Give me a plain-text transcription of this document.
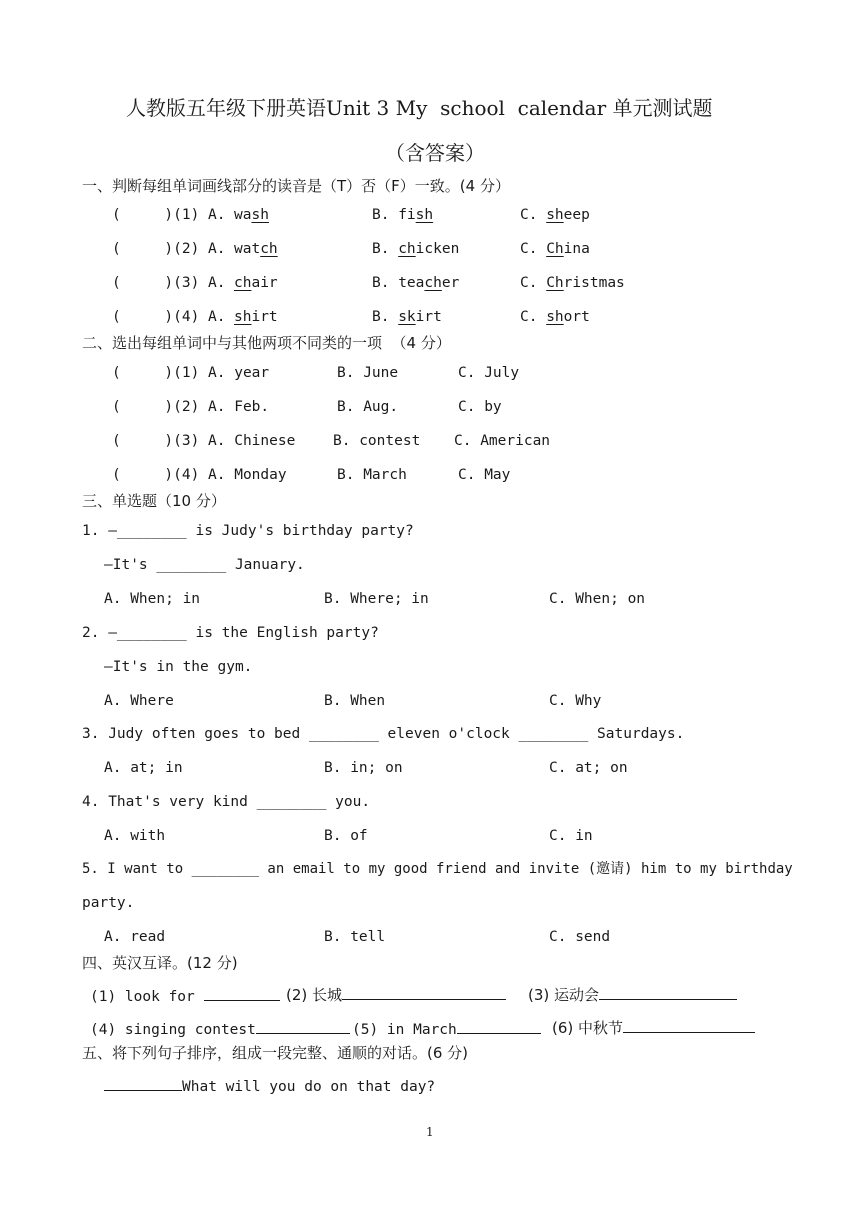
人教版五年级下册英语Unit 3 My  school  calendar 单元测试题
（含答案）
一、判断每组单词画线部分的读音是（T）否（F）一致。(4 分）
(     )(1) A. wash	B. fish	C. sheep
(     )(2) A. watch	B. chicken	C. China
(     )(3) A. chair	B. teacher	C. Christmas
(     )(4) A. shirt	B. skirt	C. short
二、选出每组单词中与其他两项不同类的一项  （4 分）
(     )(1) A. year	B. June	C. July
(     )(2) A. Feb.	B. Aug.	C. by
(     )(3) A. Chinese	B. contest C. American
(     )(4) A. Monday	B. March	C. May
三、单选题（10 分）
1. —________ is Judy's birthday party?
—It's ________ January.
A. When; in	B. Where; in	C. When; on
2. —________ is the English party?
—It's in the gym.
A. Where	B. When	C. Why
3. Judy often goes to bed ________ eleven o'clock ________ Saturdays.
A. at; in	B. in; on	C. at; on
4. That's very kind ________ you.
A. with	B. of	C. in
5. I want to ________ an email to my good friend and invite (邀请) him to my birthday
party.
A. read	B. tell	C. send
四、英汉互译。(12 分)
(1) look for	(2) 长城	(3) 运动会
(4) singing contest	(5) in March	(6) 中秋节
五、将下列句子排序，组成一段完整、通顺的对话。(6 分)
What will you do on that day?
1
